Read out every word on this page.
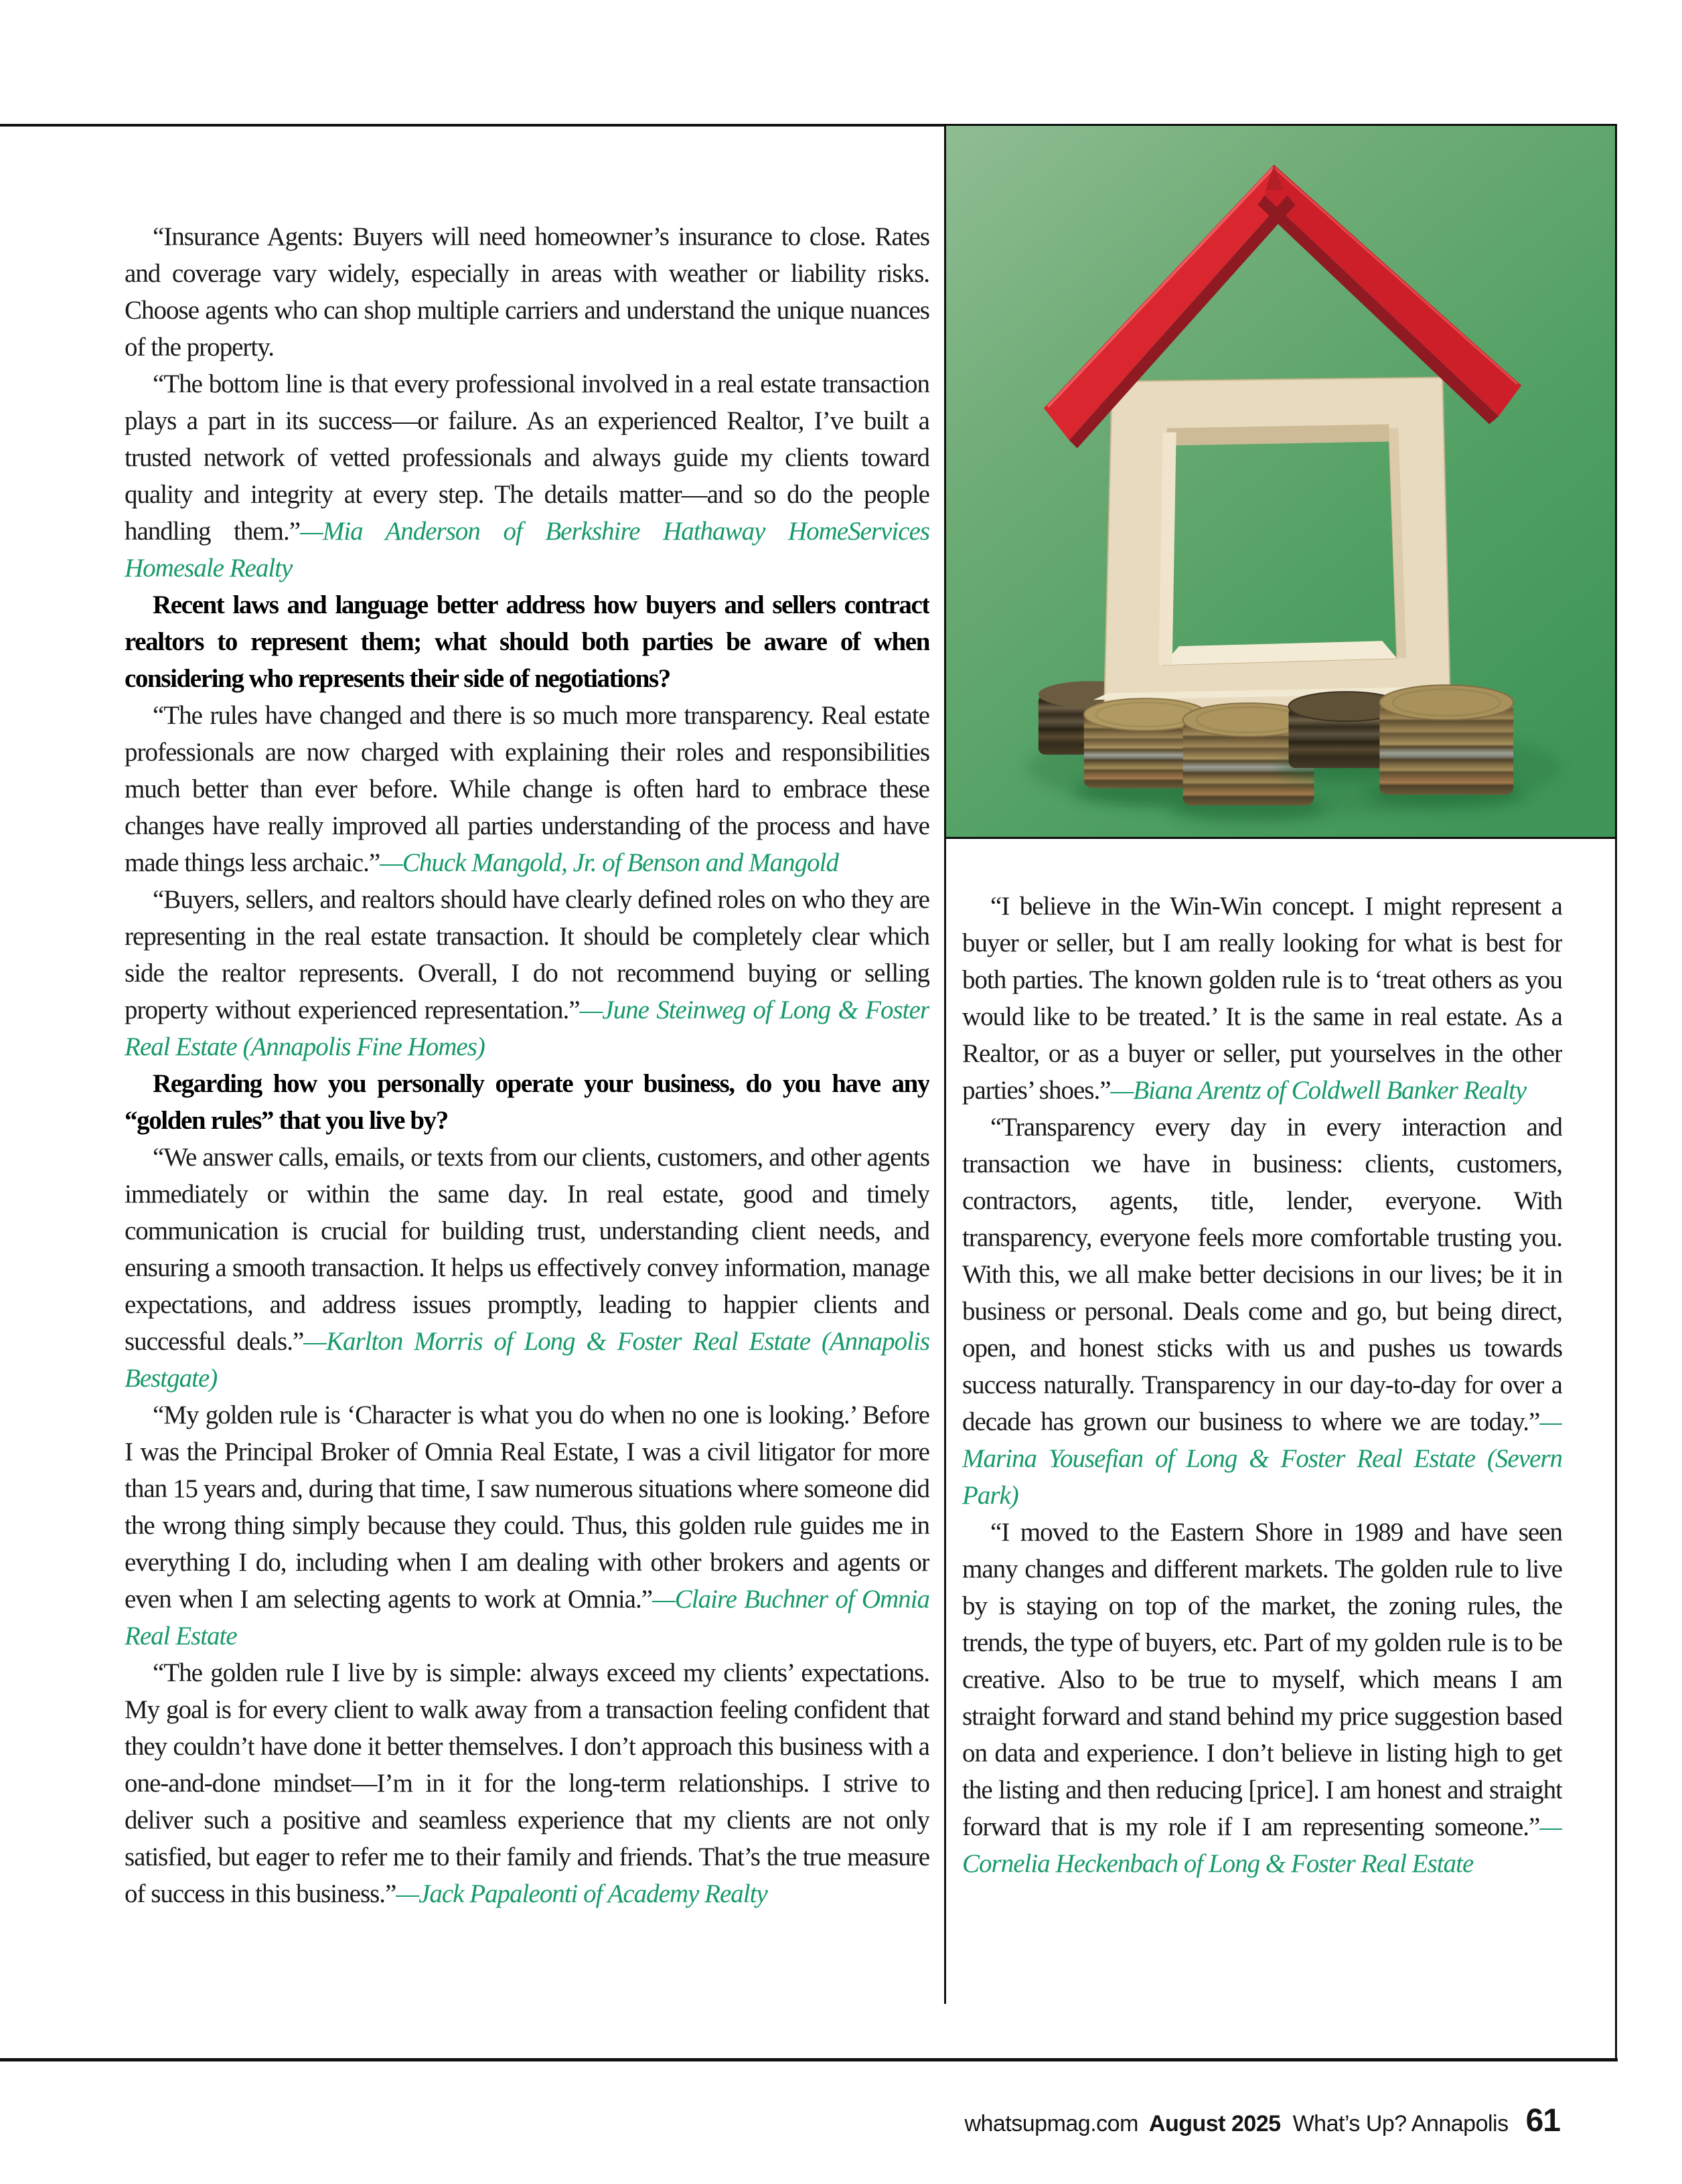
“Insurance Agents: Buyers will need homeowner’s insurance to close. Rates and coverage vary widely, especially in areas with weather or liability risks. Choose agents who can shop multiple carriers and understand the unique nuances of the property.

“The bottom line is that every professional involved in a real estate transaction plays a part in its success—or failure. As an experienced Realtor, I’ve built a trusted network of vetted professionals and always guide my clients toward quality and integrity at every step. The details matter—and so do the people handling them.”—Mia Anderson of Berkshire Hathaway HomeServices Homesale Realty

Recent laws and language better address how buyers and sellers contract realtors to represent them; what should both parties be aware of when considering who represents their side of negotiations?

“The rules have changed and there is so much more transparency. Real estate professionals are now charged with explaining their roles and responsibilities much better than ever before. While change is often hard to embrace these changes have really improved all parties understanding of the process and have made things less archaic.”—Chuck Mangold, Jr. of Benson and Mangold

“Buyers, sellers, and realtors should have clearly defined roles on who they are representing in the real estate transaction. It should be completely clear which side the realtor represents. Overall, I do not recommend buying or selling property without experienced representation.”—June Steinweg of Long & Foster Real Estate (Annapolis Fine Homes)

Regarding how you personally operate your business, do you have any “golden rules” that you live by?

“We answer calls, emails, or texts from our clients, customers, and other agents immediately or within the same day. In real estate, good and timely communication is crucial for building trust, understanding client needs, and ensuring a smooth transaction. It helps us effectively convey information, manage expectations, and address issues promptly, leading to happier clients and successful deals.”—Karlton Morris of Long & Foster Real Estate (Annapolis Bestgate)

“My golden rule is ‘Character is what you do when no one is looking.’ Before I was the Principal Broker of Omnia Real Estate, I was a civil litigator for more than 15 years and, during that time, I saw numerous situations where someone did the wrong thing simply because they could. Thus, this golden rule guides me in everything I do, including when I am dealing with other brokers and agents or even when I am selecting agents to work at Omnia.”—Claire Buchner of Omnia Real Estate

“The golden rule I live by is simple: always exceed my clients’ expectations. My goal is for every client to walk away from a transaction feeling confident that they couldn’t have done it better themselves. I don’t approach this business with a one-and-done mindset—I’m in it for the long-term relationships. I strive to deliver such a positive and seamless experience that my clients are not only satisfied, but eager to refer me to their family and friends. That’s the true measure of success in this business.”—Jack Papaleonti of Academy Realty

“I believe in the Win-Win concept. I might represent a buyer or seller, but I am really looking for what is best for both parties. The known golden rule is to ‘treat others as you would like to be treated.’ It is the same in real estate. As a Realtor, or as a buyer or seller, put yourselves in the other parties’ shoes.”—Biana Arentz of Coldwell Banker Realty

“Transparency every day in every interaction and transaction we have in business: clients, customers, contractors, agents, title, lender, everyone. With transparency, everyone feels more comfortable trusting you. With this, we all make better decisions in our lives; be it in business or personal. Deals come and go, but being direct, open, and honest sticks with us and pushes us towards success naturally. Transparency in our day-to-day for over a decade has grown our business to where we are today.”—Marina Yousefian of Long & Foster Real Estate (Severn Park)

“I moved to the Eastern Shore in 1989 and have seen many changes and different markets. The golden rule to live by is staying on top of the market, the zoning rules, the trends, the type of buyers, etc. Part of my golden rule is to be creative. Also to be true to myself, which means I am straight forward and stand behind my price suggestion based on data and experience. I don’t believe in listing high to get the listing and then reducing [price]. I am honest and straight forward that is my role if I am representing someone.”—Cornelia Heckenbach of Long & Foster Real Estate

whatsupmag.com August 2025 What’s Up? Annapolis 61
